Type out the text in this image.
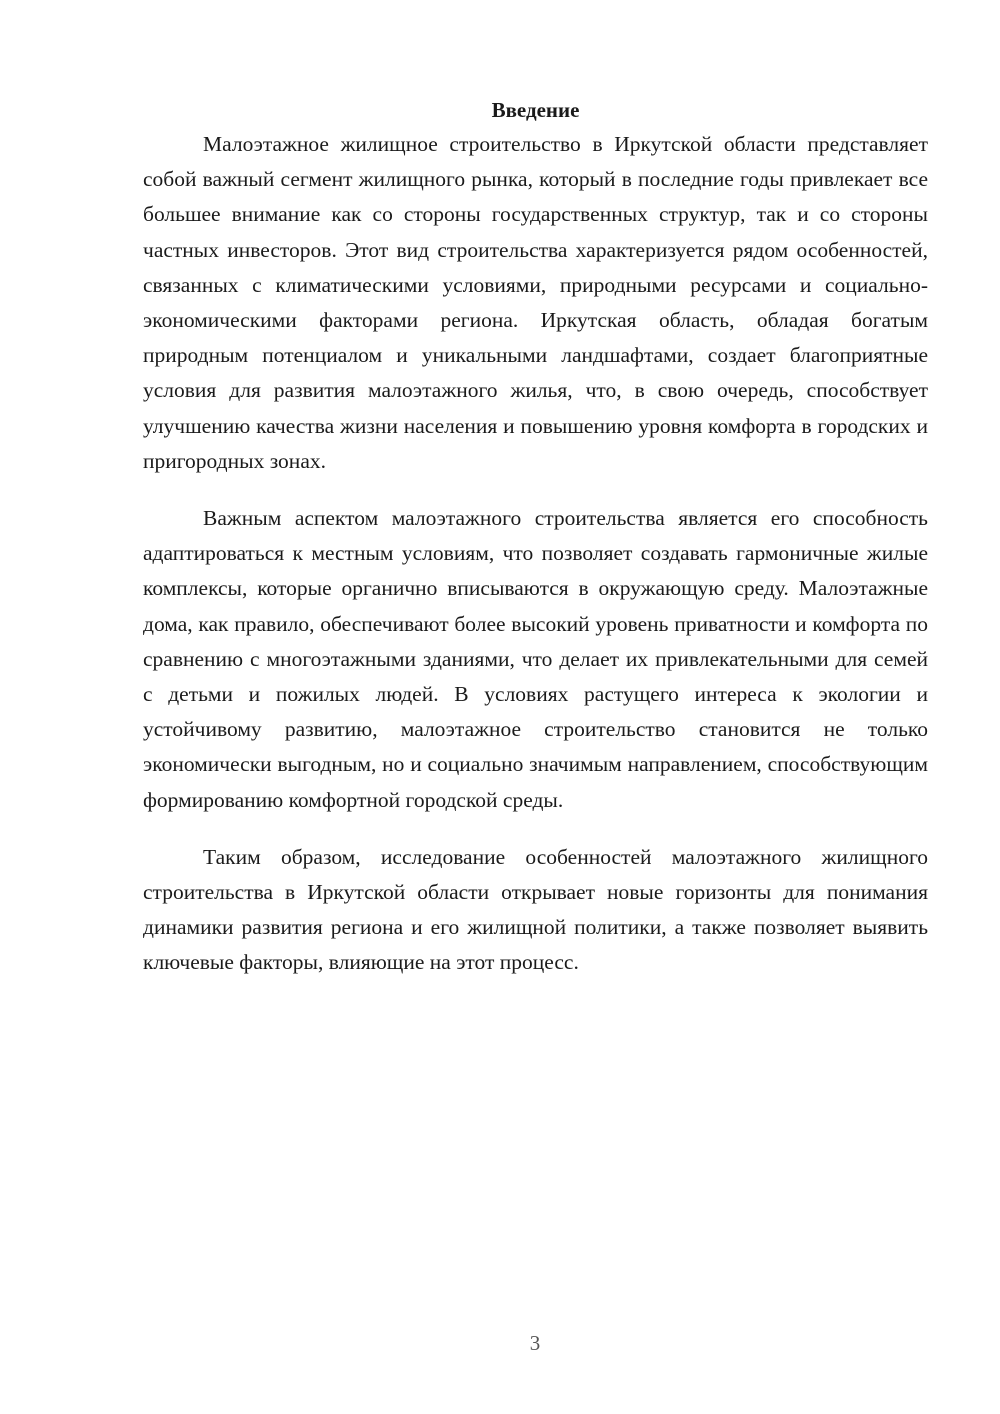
Введение

Малоэтажное жилищное строительство в Иркутской области представляет собой важный сегмент жилищного рынка, который в последние годы привлекает все большее внимание как со стороны государственных структур, так и со стороны частных инвесторов. Этот вид строительства характеризуется рядом особенностей, связанных с климатическими условиями, природными ресурсами и социально-экономическими факторами региона. Иркутская область, обладая богатым природным потенциалом и уникальными ландшафтами, создает благоприятные условия для развития малоэтажного жилья, что, в свою очередь, способствует улучшению качества жизни населения и повышению уровня комфорта в городских и пригородных зонах.

Важным аспектом малоэтажного строительства является его способность адаптироваться к местным условиям, что позволяет создавать гармоничные жилые комплексы, которые органично вписываются в окружающую среду. Малоэтажные дома, как правило, обеспечивают более высокий уровень приватности и комфорта по сравнению с многоэтажными зданиями, что делает их привлекательными для семей с детьми и пожилых людей. В условиях растущего интереса к экологии и устойчивому развитию, малоэтажное строительство становится не только экономически выгодным, но и социально значимым направлением, способствующим формированию комфортной городской среды.

Таким образом, исследование особенностей малоэтажного жилищного строительства в Иркутской области открывает новые горизонты для понимания динамики развития региона и его жилищной политики, а также позволяет выявить ключевые факторы, влияющие на этот процесс.

3
